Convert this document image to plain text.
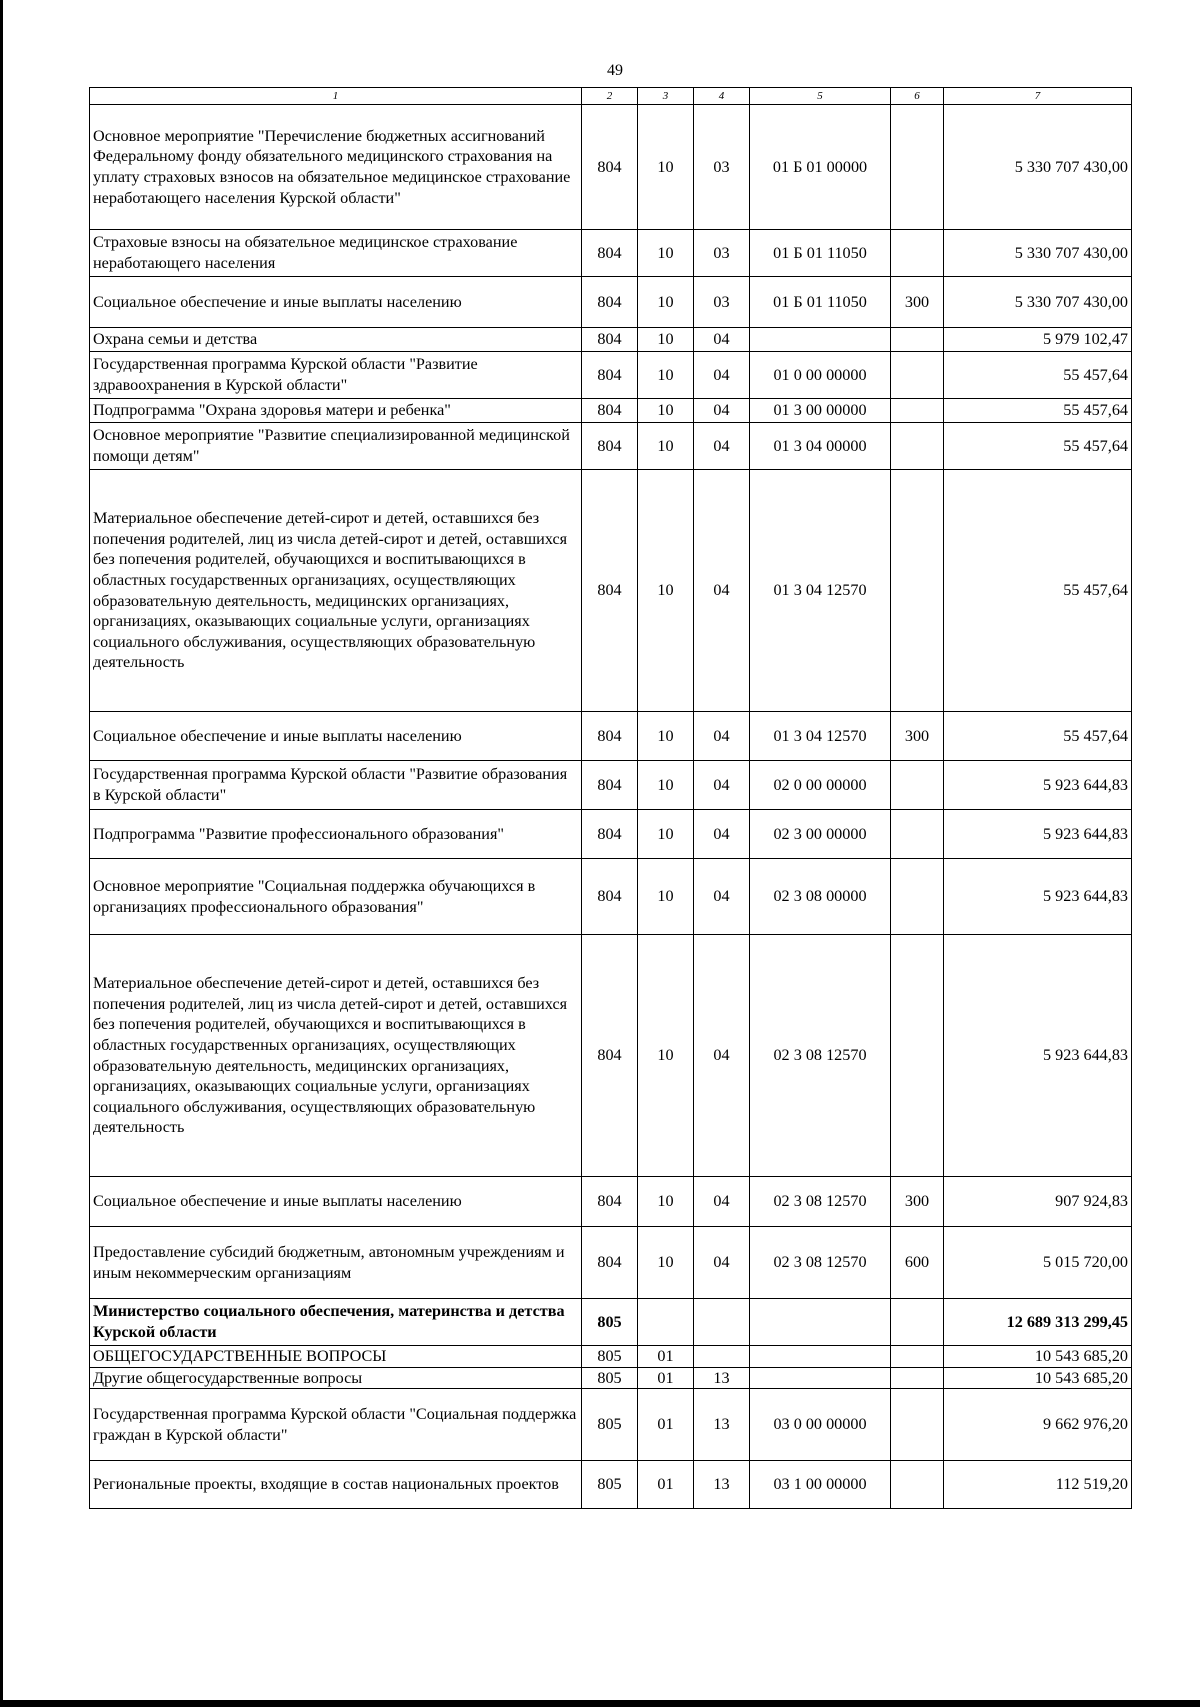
49
1	2	3	4	5	6	7
Основное мероприятие "Перечисление бюджетных ассигнований Федеральному фонду обязательного медицинского страхования на уплату страховых взносов на обязательное медицинское страхование неработающего населения Курской области"	804	10	03	01 Б 01 00000		5 330 707 430,00
Страховые взносы на обязательное медицинское страхование неработающего населения	804	10	03	01 Б 01 11050		5 330 707 430,00
Социальное обеспечение и иные выплаты населению	804	10	03	01 Б 01 11050	300	5 330 707 430,00
Охрана семьи и детства	804	10	04			5 979 102,47
Государственная программа Курской области "Развитие здравоохранения в Курской области"	804	10	04	01 0 00 00000		55 457,64
Подпрограмма "Охрана здоровья матери и ребенка"	804	10	04	01 3 00 00000		55 457,64
Основное мероприятие "Развитие специализированной медицинской помощи детям"	804	10	04	01 3 04 00000		55 457,64
Материальное обеспечение детей-сирот и детей, оставшихся без попечения родителей, лиц из числа детей-сирот и детей, оставшихся без попечения родителей, обучающихся и воспитывающихся в областных государственных организациях, осуществляющих образовательную деятельность, медицинских организациях, организациях, оказывающих социальные услуги, организациях социального обслуживания, осуществляющих образовательную деятельность	804	10	04	01 3 04 12570		55 457,64
Социальное обеспечение и иные выплаты населению	804	10	04	01 3 04 12570	300	55 457,64
Государственная программа Курской области "Развитие образования в Курской области"	804	10	04	02 0 00 00000		5 923 644,83
Подпрограмма "Развитие профессионального образования"	804	10	04	02 3 00 00000		5 923 644,83
Основное мероприятие "Социальная поддержка обучающихся в организациях профессионального образования"	804	10	04	02 3 08 00000		5 923 644,83
Материальное обеспечение детей-сирот и детей, оставшихся без попечения родителей, лиц из числа детей-сирот и детей, оставшихся без попечения родителей, обучающихся и воспитывающихся в областных государственных организациях, осуществляющих образовательную деятельность, медицинских организациях, организациях, оказывающих социальные услуги, организациях социального обслуживания, осуществляющих образовательную деятельность	804	10	04	02 3 08 12570		5 923 644,83
Социальное обеспечение и иные выплаты населению	804	10	04	02 3 08 12570	300	907 924,83
Предоставление субсидий бюджетным, автономным учреждениям и иным некоммерческим организациям	804	10	04	02 3 08 12570	600	5 015 720,00
Министерство социального обеспечения, материнства и детства Курской области	805					12 689 313 299,45
ОБЩЕГОСУДАРСТВЕННЫЕ ВОПРОСЫ	805	01				10 543 685,20
Другие общегосударственные вопросы	805	01	13			10 543 685,20
Государственная программа Курской области "Социальная поддержка граждан в Курской области"	805	01	13	03 0 00 00000		9 662 976,20
Региональные проекты, входящие в состав национальных проектов	805	01	13	03 1 00 00000		112 519,20
